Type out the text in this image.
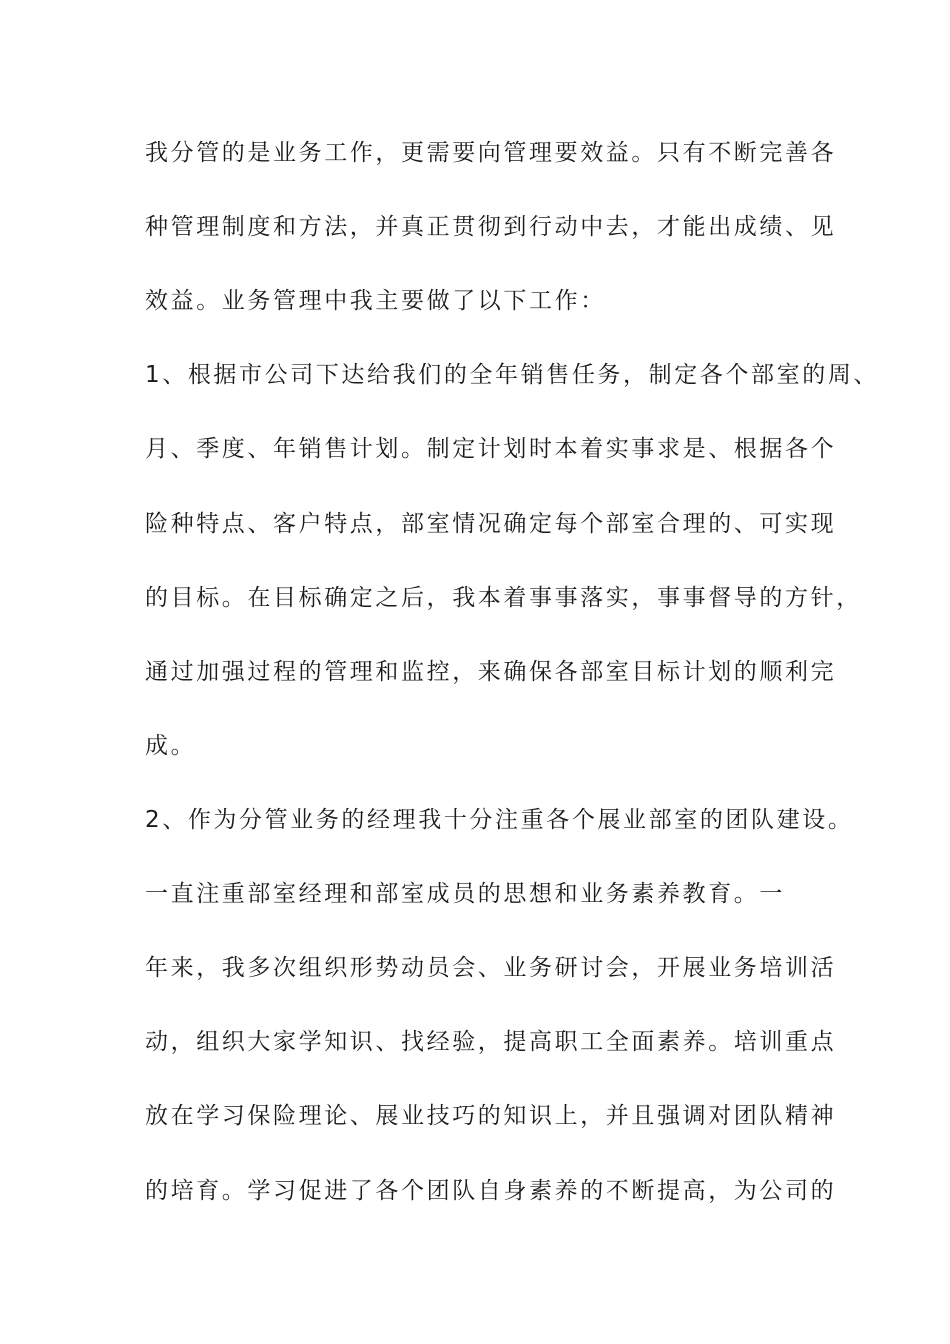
我分管的是业务工作，更需要向管理要效益。只有不断完善各
种管理制度和方法，并真正贯彻到行动中去，才能出成绩、见
效益。业务管理中我主要做了以下工作：
1、根据市公司下达给我们的全年销售任务，制定各个部室的周、
月、季度、年销售计划。制定计划时本着实事求是、根据各个
险种特点、客户特点，部室情况确定每个部室合理的、可实现
的目标。在目标确定之后，我本着事事落实，事事督导的方针，
通过加强过程的管理和监控，来确保各部室目标计划的顺利完
成。
2、作为分管业务的经理我十分注重各个展业部室的团队建设。
一直注重部室经理和部室成员的思想和业务素养教育。一
年来，我多次组织形势动员会、业务研讨会，开展业务培训活
动，组织大家学知识、找经验，提高职工全面素养。培训重点
放在学习保险理论、展业技巧的知识上，并且强调对团队精神
的培育。学习促进了各个团队自身素养的不断提高，为公司的
